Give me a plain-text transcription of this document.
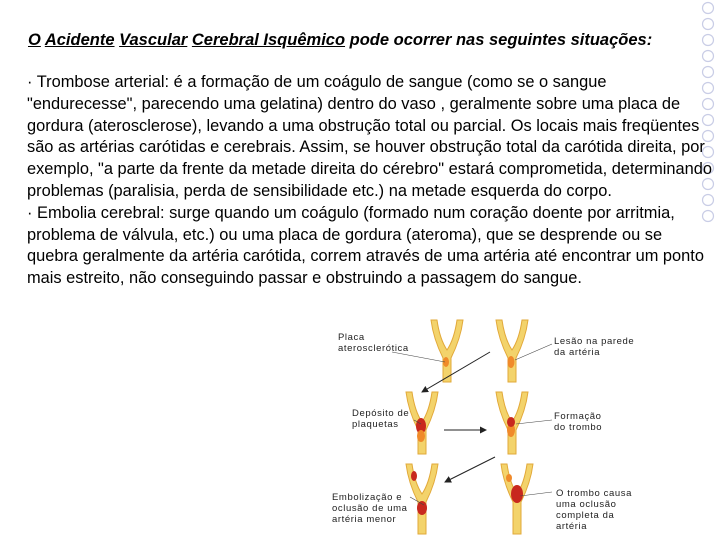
O Acidente Vascular Cerebral Isquêmico pode ocorrer nas seguintes situações:

· Trombose arterial: é a formação de um coágulo de sangue (como se o sangue "endurecesse", parecendo uma gelatina) dentro do vaso , geralmente sobre uma placa de gordura (aterosclerose), levando a uma obstrução total ou parcial. Os locais mais freqüentes são as artérias carótidas e cerebrais. Assim, se houver obstrução total da carótida direita, por exemplo, "a parte da frente da metade direita do cérebro" estará comprometida, determinando problemas (paralisia, perda de sensibilidade etc.) na metade esquerda do corpo.

· Embolia cerebral: surge quando um coágulo (formado num coração doente por arritmia, problema de válvula, etc.) ou uma placa de gordura (ateroma), que se desprende ou se quebra geralmente da artéria carótida, correm através de uma artéria até encontrar um ponto mais estreito, não conseguindo passar e obstruindo a passagem do sangue.

Placa
aterosclerótica
Lesão na parede
da artéria
Depósito de
plaquetas
Formação
do trombo
Embolização e
oclusão de uma
artéria menor
O trombo causa
uma oclusão
completa da
artéria
